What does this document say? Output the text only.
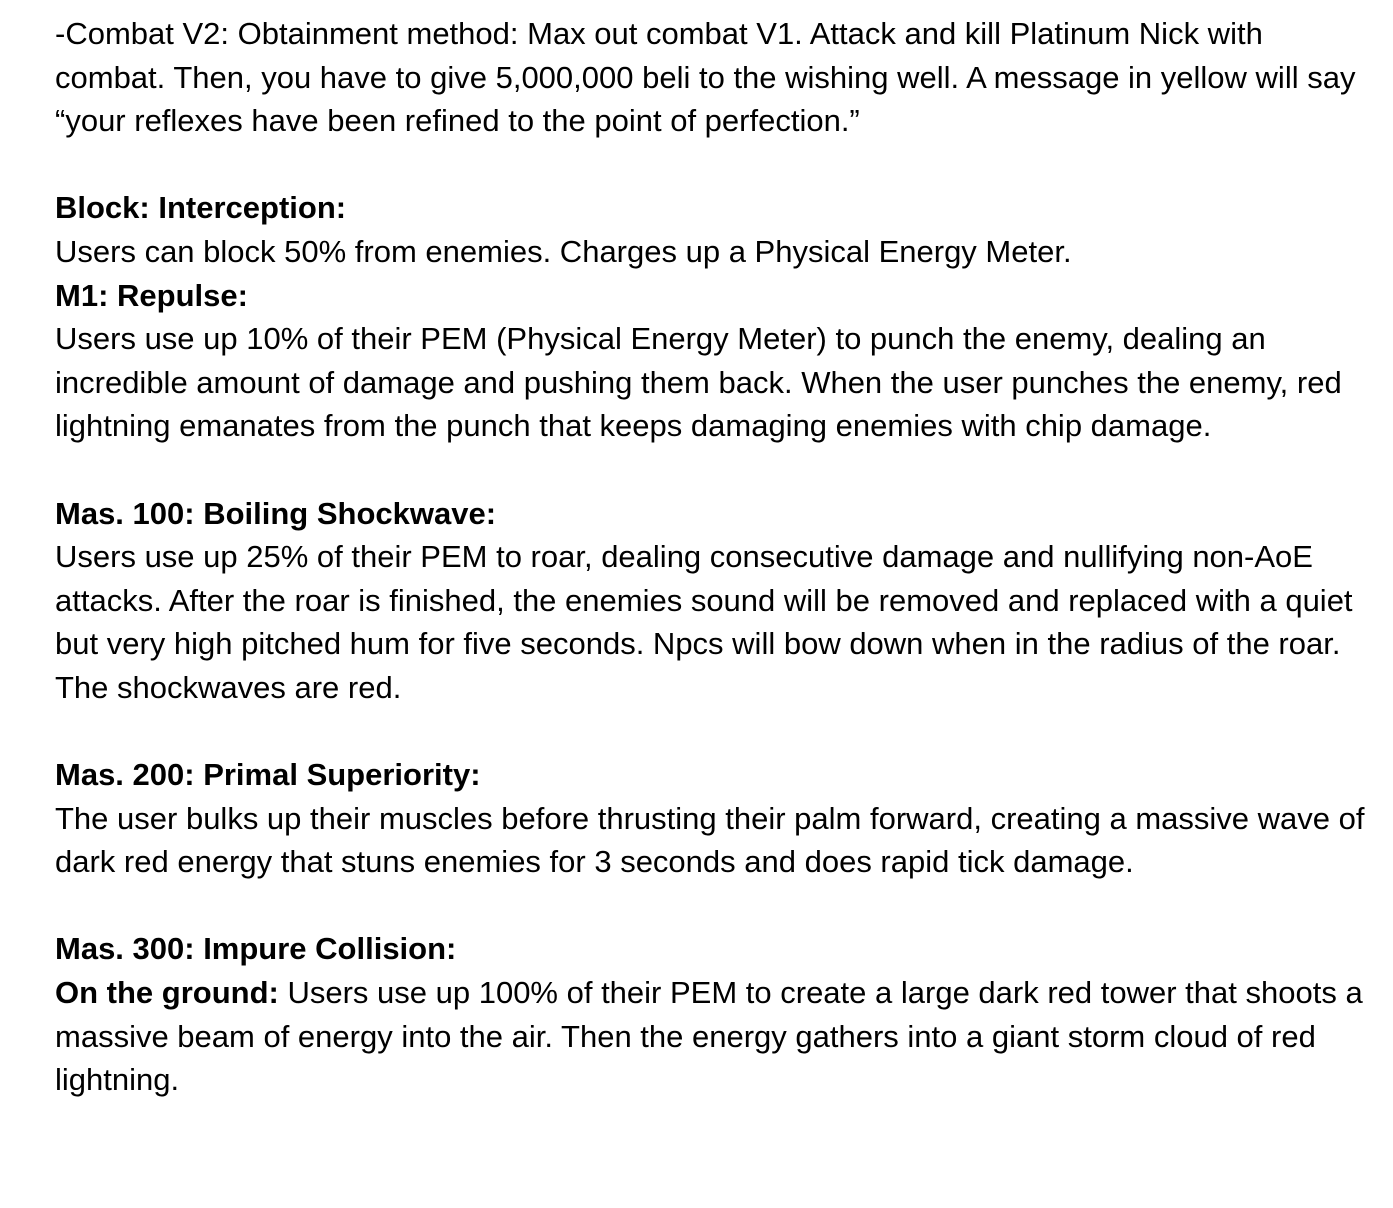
-Combat V2: Obtainment method: Max out combat V1. Attack and kill Platinum Nick with combat. Then, you have to give 5,000,000 beli to the wishing well. A message in yellow will say “your reflexes have been refined to the point of perfection.”

Block: Interception:

Users can block 50% from enemies. Charges up a Physical Energy Meter.

M1: Repulse:

Users use up 10% of their PEM (Physical Energy Meter) to punch the enemy, dealing an incredible amount of damage and pushing them back. When the user punches the enemy, red lightning emanates from the punch that keeps damaging enemies with chip damage.

Mas. 100: Boiling Shockwave:

Users use up 25% of their PEM to roar, dealing consecutive damage and nullifying non-AoE attacks. After the roar is finished, the enemies sound will be removed and replaced with a quiet but very high pitched hum for five seconds. Npcs will bow down when in the radius of the roar. The shockwaves are red.

Mas. 200: Primal Superiority:

The user bulks up their muscles before thrusting their palm forward, creating a massive wave of dark red energy that stuns enemies for 3 seconds and does rapid tick damage.

Mas. 300: Impure Collision:

On the ground: Users use up 100% of their PEM to create a large dark red tower that shoots a massive beam of energy into the air. Then the energy gathers into a giant storm cloud of red lightning.
